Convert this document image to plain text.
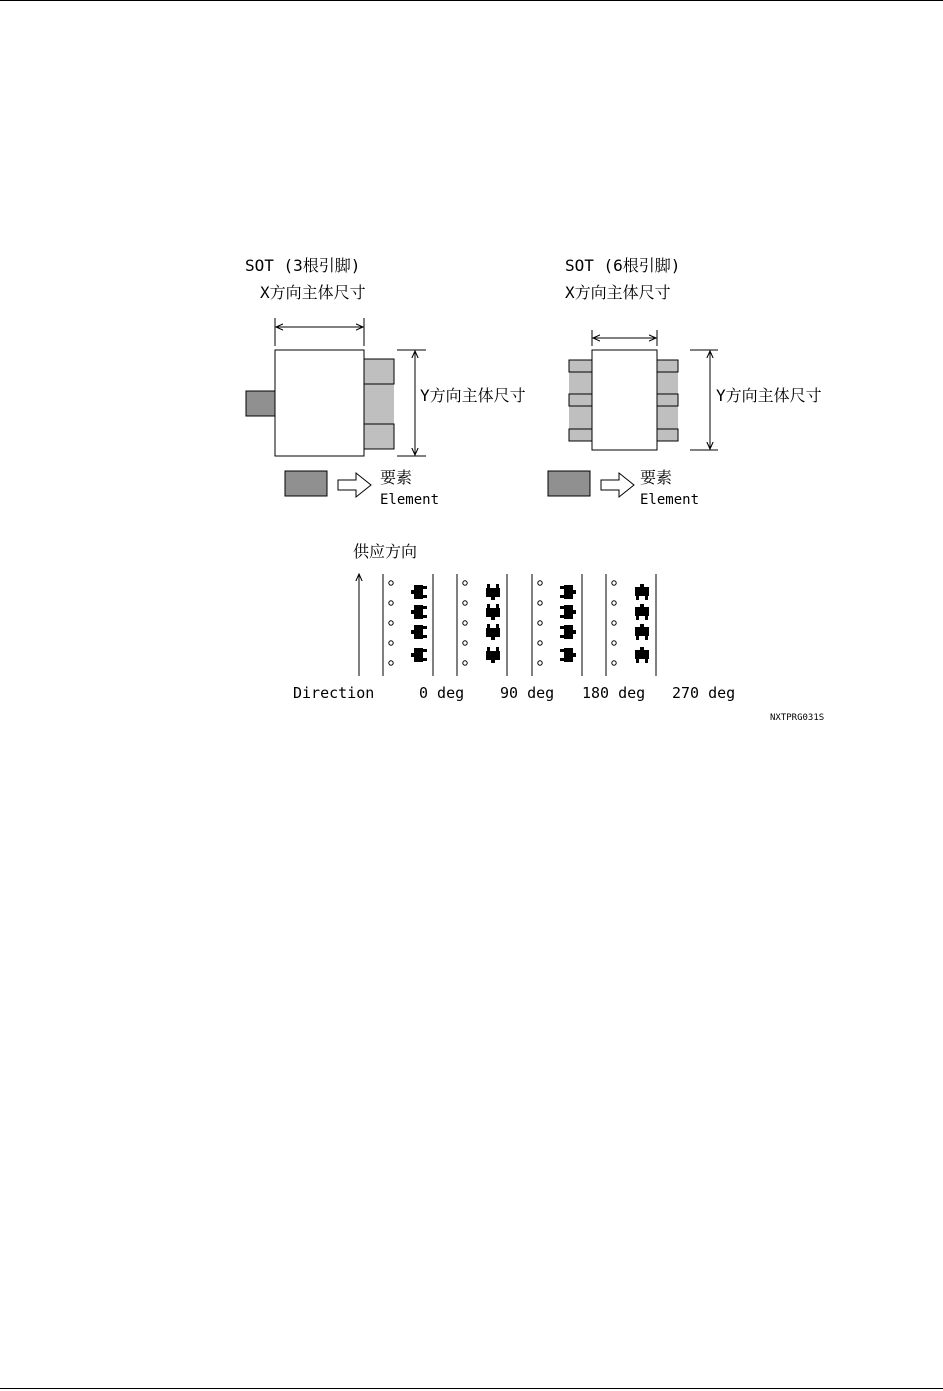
SOT (3根引脚)
X方向主体尺寸
Y方向主体尺寸
要素
Element
SOT (6根引脚)
X方向主体尺寸
Y方向主体尺寸
要素
Element
供应方向
Direction	0 deg 90 deg 180 deg 270 deg
NXTPRG031S
